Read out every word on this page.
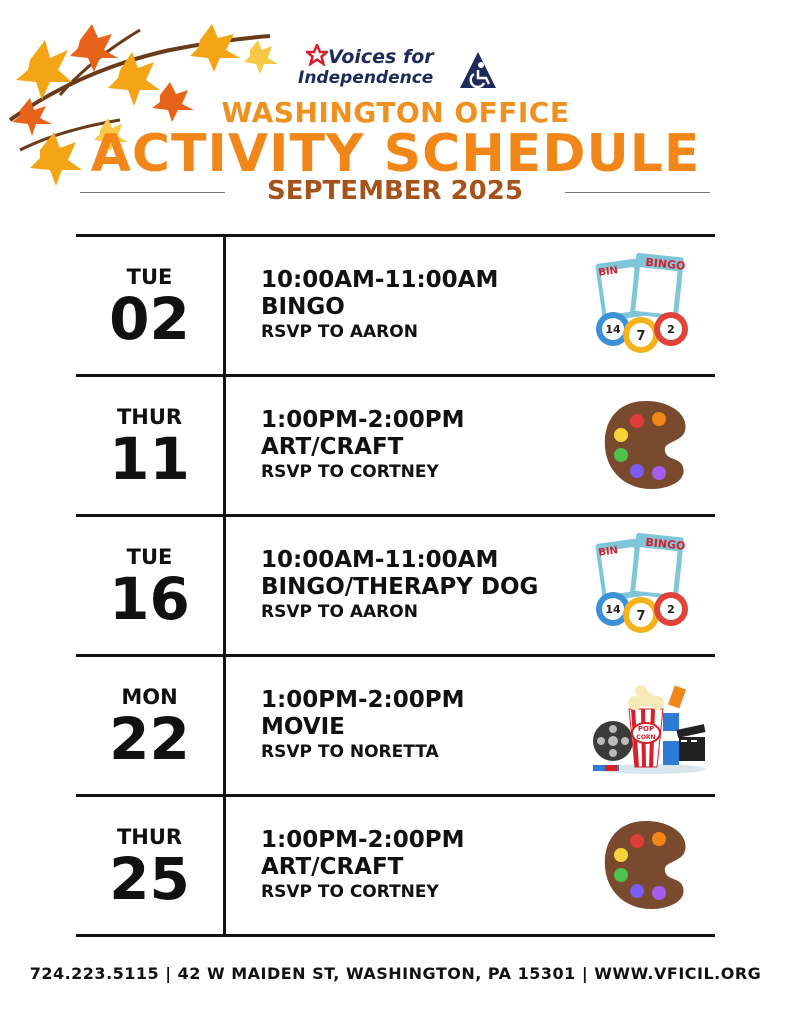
Voices for
Independence
WASHINGTON OFFICE
ACTIVITY SCHEDULE
SEPTEMBER 2025
TUE
02
10:00AM-11:00AM
BINGO
RSVP TO AARON
BINGO
BIN
14 7 2
THUR
11
1:00PM-2:00PM
ART/CRAFT
RSVP TO CORTNEY
TUE
16
10:00AM-11:00AM
BINGO/THERAPY DOG
RSVP TO AARON
BINGO
BIN
14 7 2
MON
22
1:00PM-2:00PM
MOVIE
RSVP TO NORETTA
POP
CORN
THUR
25
1:00PM-2:00PM
ART/CRAFT
RSVP TO CORTNEY
724.223.5115 | 42 W MAIDEN ST, WASHINGTON, PA 15301 | WWW.VFICIL.ORG
